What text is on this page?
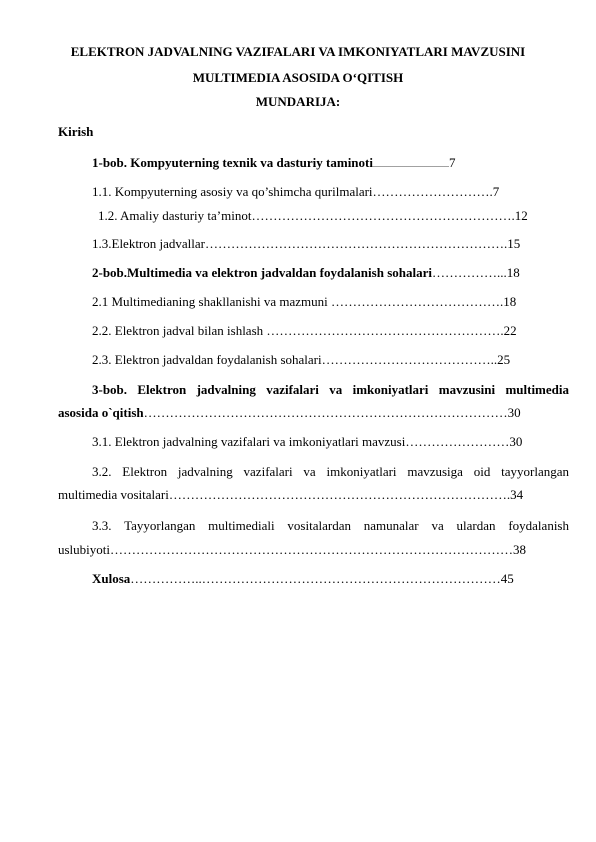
ELEKTRON JADVALNING VAZIFALARI VA IMKONIYATLARI MAVZUSINI
MULTIMEDIA ASOSIDA O‘QITISH
MUNDARIJA:
Kirish
1-bob. Kompyuterning texnik va dasturiy taminoti......................................7
1.1. Kompyuterning asosiy va qo’shimcha qurilmalari……………………….7
1.2. Amaliy dasturiy ta’minot…………………………………………………….12
1.3.Elektron jadvallar…………………………………………………………….15
2-bob.Multimedia va elektron jadvaldan foydalanish sohalari……………...18
2.1 Multimedianing shakllanishi va mazmuni ………………………………….18
2.2. Elektron jadval bilan ishlash ……………………………………………….22
2.3. Elektron jadvaldan foydalanish sohalari…………………………………..25
3-bob. Elektron jadvalning vazifalari va imkoniyatlari mavzusini multimedia
asosida o`qitish…………………………………………………………………………30
3.1. Elektron jadvalning vazifalari va imkoniyatlari mavzusi……………………30
3.2. Elektron jadvalning vazifalari va imkoniyatlari mavzusiga oid tayyorlangan
multimedia vositalari…………………………………………………………………….34
3.3. Tayyorlangan multimediali vositalardan namunalar va ulardan foydalanish
uslubiyoti…………………………………………………………………………………38
Xulosa……………..……………………………………………………………45
